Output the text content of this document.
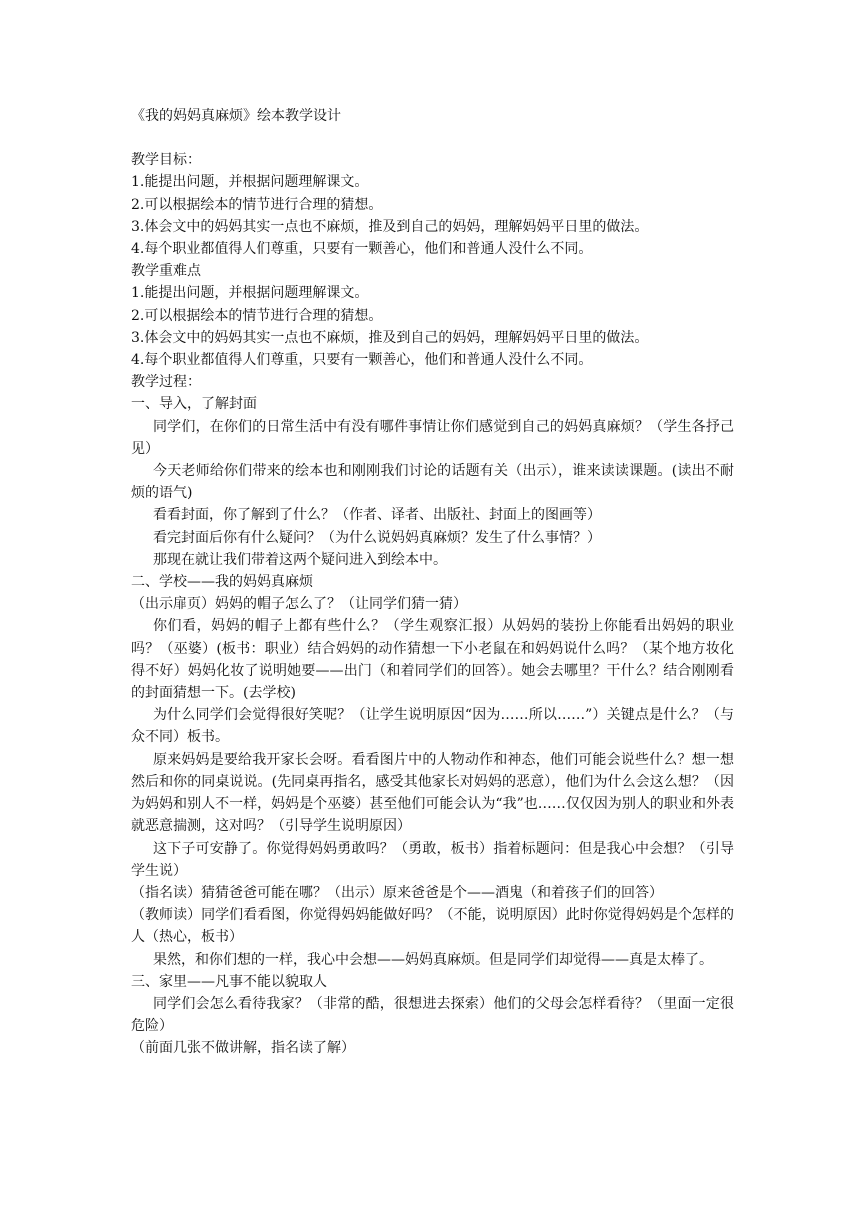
《我的妈妈真麻烦》绘本教学设计

教学目标：

1.能提出问题，并根据问题理解课文。

2.可以根据绘本的情节进行合理的猜想。

3.体会文中的妈妈其实一点也不麻烦，推及到自己的妈妈，理解妈妈平日里的做法。

4.每个职业都值得人们尊重，只要有一颗善心，他们和普通人没什么不同。

教学重难点

1.能提出问题，并根据问题理解课文。

2.可以根据绘本的情节进行合理的猜想。

3.体会文中的妈妈其实一点也不麻烦，推及到自己的妈妈，理解妈妈平日里的做法。

4.每个职业都值得人们尊重，只要有一颗善心，他们和普通人没什么不同。

教学过程：

一、导入，了解封面

同学们，在你们的日常生活中有没有哪件事情让你们感觉到自己的妈妈真麻烦？（学生各抒己见）

今天老师给你们带来的绘本也和刚刚我们讨论的话题有关（出示），谁来读读课题。(读出不耐烦的语气)

看看封面，你了解到了什么？（作者、译者、出版社、封面上的图画等）

看完封面后你有什么疑问？（为什么说妈妈真麻烦？发生了什么事情？）

那现在就让我们带着这两个疑问进入到绘本中。

二、学校——我的妈妈真麻烦

（出示扉页）妈妈的帽子怎么了？（让同学们猜一猜）

你们看，妈妈的帽子上都有些什么？（学生观察汇报）从妈妈的装扮上你能看出妈妈的职业吗？（巫婆）(板书：职业）结合妈妈的动作猜想一下小老鼠在和妈妈说什么吗？（某个地方妆化得不好）妈妈化妆了说明她要——出门（和着同学们的回答）。她会去哪里？干什么？结合刚刚看的封面猜想一下。(去学校)

为什么同学们会觉得很好笑呢？（让学生说明原因“因为……所以……”）关键点是什么？（与众不同）板书。

原来妈妈是要给我开家长会呀。看看图片中的人物动作和神态，他们可能会说些什么？想一想然后和你的同桌说说。(先同桌再指名，感受其他家长对妈妈的恶意），他们为什么会这么想？（因为妈妈和别人不一样，妈妈是个巫婆）甚至他们可能会认为“我”也……仅仅因为别人的职业和外表就恶意揣测，这对吗？（引导学生说明原因）

这下子可安静了。你觉得妈妈勇敢吗？（勇敢，板书）指着标题问：但是我心中会想？（引导学生说）

（指名读）猜猜爸爸可能在哪？（出示）原来爸爸是个——酒鬼（和着孩子们的回答）

（教师读）同学们看看图，你觉得妈妈能做好吗？（不能，说明原因）此时你觉得妈妈是个怎样的人（热心，板书）

果然，和你们想的一样，我心中会想——妈妈真麻烦。但是同学们却觉得——真是太棒了。

三、家里——凡事不能以貌取人

同学们会怎么看待我家？（非常的酷，很想进去探索）他们的父母会怎样看待？（里面一定很危险）

（前面几张不做讲解，指名读了解）
